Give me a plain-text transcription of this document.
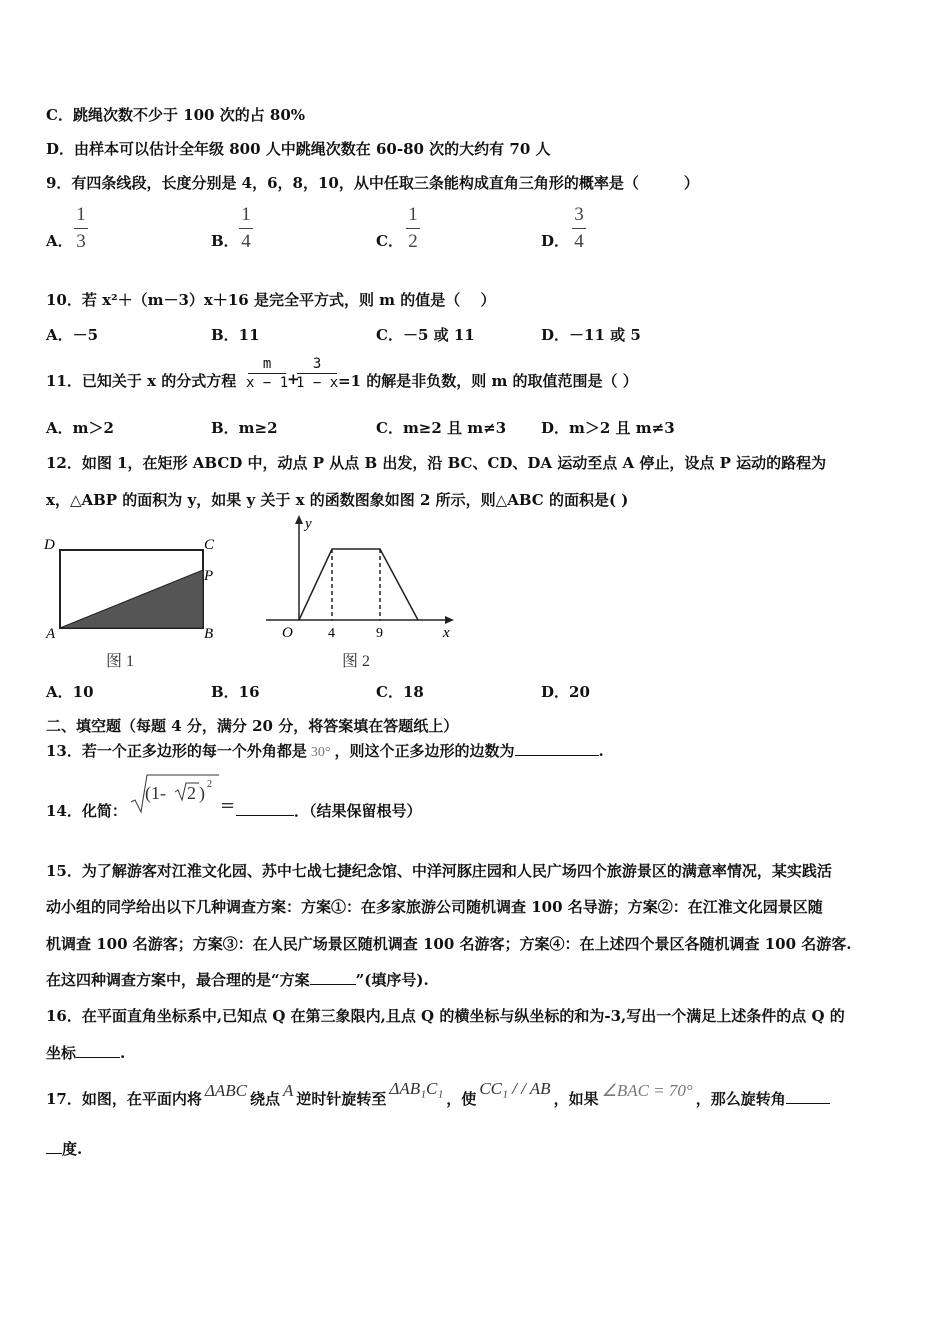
C．跳绳次数不少于 100 次的占 80%
D．由样本可以估计全年级 800 人中跳绳次数在 60-80 次的大约有 70 人
9．有四条线段，长度分别是 4，6，8，10，从中任取三条能构成直角三角形的概率是（　　　）
A．
1
3	B．
1
4	C．
1
2	D．
3
4
10．若 x²＋（m－3）x＋16 是完全平方式，则 m 的值是（　 ）
A．－5	B．11	C．－5 或 11	D．－11 或 5
11．已知关于 x 的分式方程
m
x − 1
+
3
1 − x =1 的解是非负数，则 m 的取值范围是（ ）
A．m＞2	B．m≥2	C．m≥2 且 m≠3 D．m＞2 且 m≠3
12．如图 1，在矩形 ABCD 中，动点 P 从点 B 出发，沿 BC、CD、DA 运动至点 A 停止，设点 P 运动的路程为
x，△ABP 的面积为 y，如果 y 关于 x 的函数图象如图 2 所示，则△ABC 的面积是( )
D	C
P
A	B
图 1
y
x
O	4	9
图 2
A．10	B．16	C．18	D．20
二、填空题（每题 4 分，满分 20 分，将答案填在答题纸上）
13．若一个正多边形的每一个外角都是 30° ，则这个正多边形的边数为	.
14．化简：
(1- 2 ) 2
=	．（结果保留根号）
15．为了解游客对江淮文化园、苏中七战七捷纪念馆、中洋河豚庄园和人民广场四个旅游景区的满意率情况，某实践活
动小组的同学给出以下几种调查方案：方案①：在多家旅游公司随机调查 100 名导游；方案②：在江淮文化园景区随
机调查 100 名游客；方案③：在人民广场景区随机调查 100 名游客；方案④：在上述四个景区各随机调查 100 名游客.
在这四种调查方案中，最合理的是“方案	”(填序号).
16．在平面直角坐标系中,已知点 Q 在第三象限内,且点 Q 的横坐标与纵坐标的和为-3,写出一个满足上述条件的点 Q 的
坐标	.
17．如图，在平面内将 ΔABC 绕点 A 逆时针旋转至ΔAB₁C₁，使CC₁ / / AB，如果 ∠BAC = 70° ，那么旋转角
度.
